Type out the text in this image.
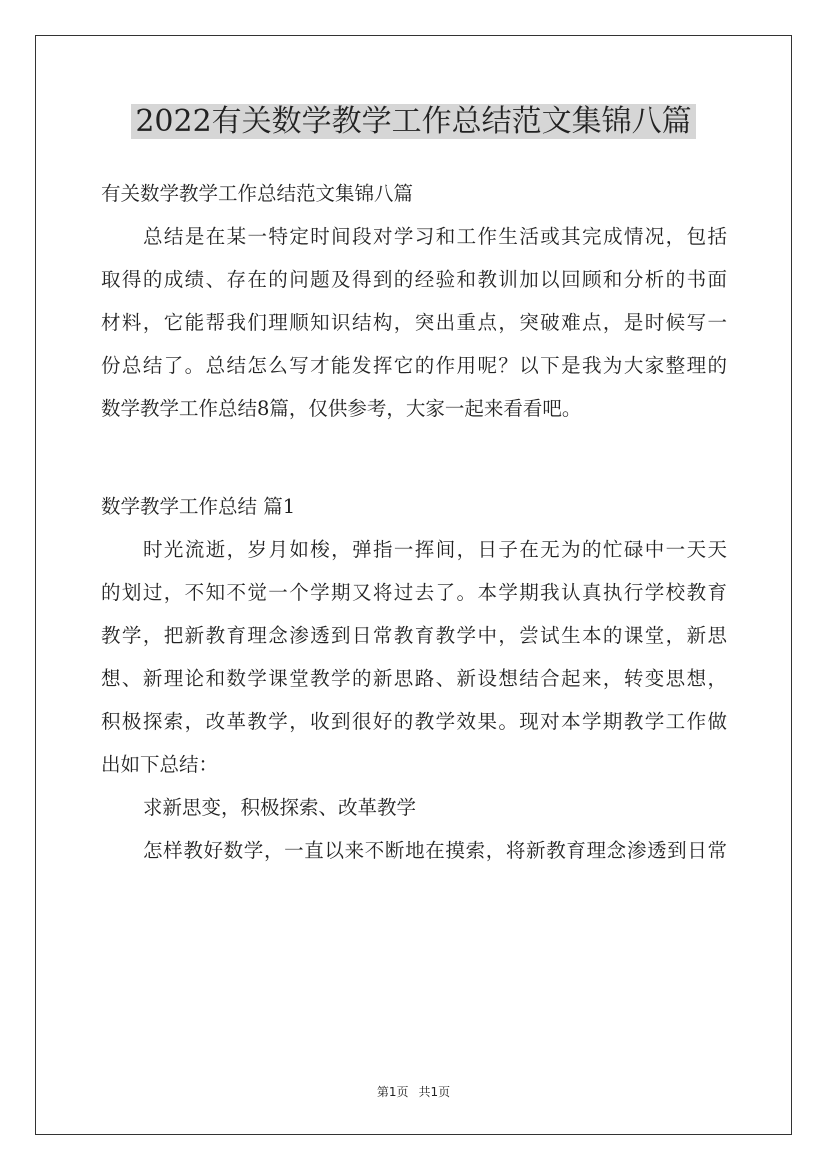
2022有关数学教学工作总结范文集锦八篇
有关数学教学工作总结范文集锦八篇
总结是在某一特定时间段对学习和工作生活或其完成情况，包括
取得的成绩、存在的问题及得到的经验和教训加以回顾和分析的书面
材料，它能帮我们理顺知识结构，突出重点，突破难点，是时候写一
份总结了。总结怎么写才能发挥它的作用呢？以下是我为大家整理的
数学教学工作总结8篇，仅供参考，大家一起来看看吧。
数学教学工作总结 篇1
时光流逝，岁月如梭，弹指一挥间，日子在无为的忙碌中一天天
的划过，不知不觉一个学期又将过去了。本学期我认真执行学校教育
教学，把新教育理念渗透到日常教育教学中，尝试生本的课堂，新思
想、新理论和数学课堂教学的新思路、新设想结合起来，转变思想，
积极探索，改革教学，收到很好的教学效果。现对本学期教学工作做
出如下总结：
求新思变，积极探索、改革教学
怎样教好数学，一直以来不断地在摸索，将新教育理念渗透到日常
第1页 共1页
